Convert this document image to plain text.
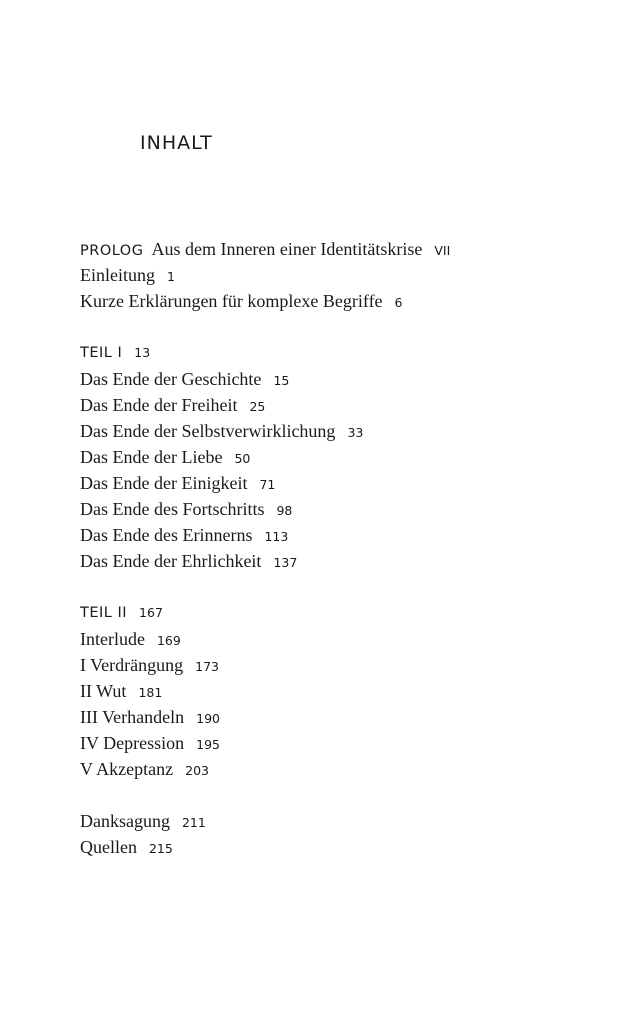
INHALT
PROLOG Aus dem Inneren einer Identitätskrise VII
Einleitung 1
Kurze Erklärungen für komplexe Begriffe 6
TEIL I 13
Das Ende der Geschichte 15
Das Ende der Freiheit 25
Das Ende der Selbstverwirklichung 33
Das Ende der Liebe 50
Das Ende der Einigkeit 71
Das Ende des Fortschritts 98
Das Ende des Erinnerns 113
Das Ende der Ehrlichkeit 137
TEIL II 167
Interlude 169
I Verdrängung 173
II Wut 181
III Verhandeln 190
IV Depression 195
V Akzeptanz 203
Danksagung 211
Quellen 215
